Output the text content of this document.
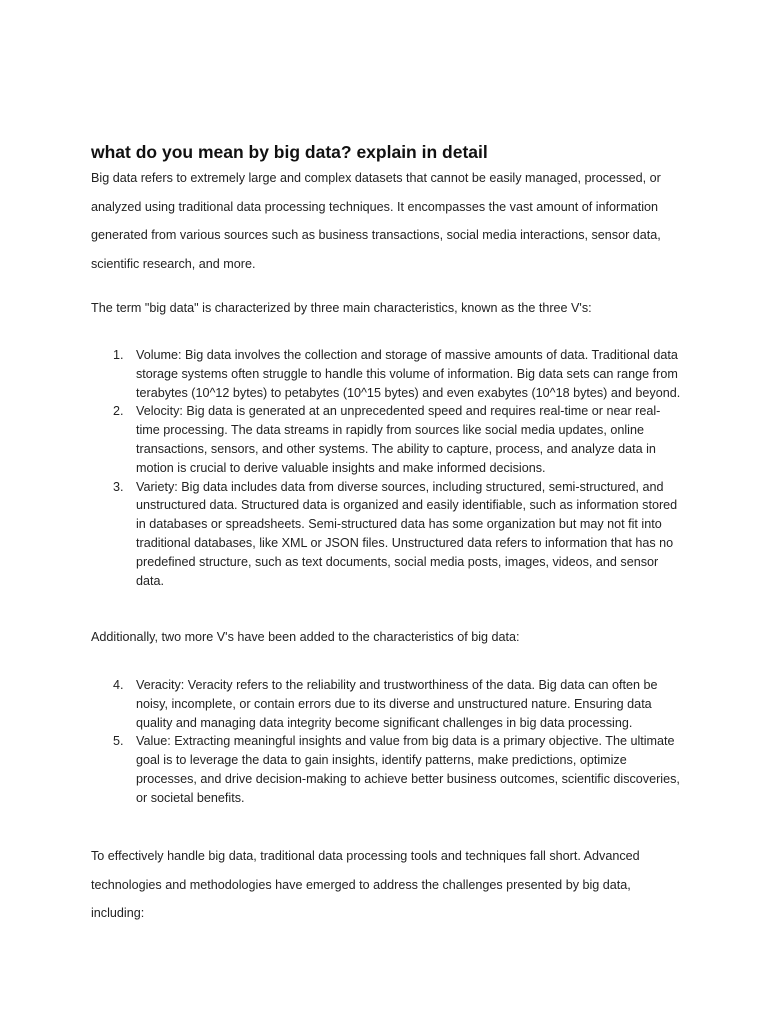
what do you mean by big data? explain in detail

Big data refers to extremely large and complex datasets that cannot be easily managed, processed, or analyzed using traditional data processing techniques. It encompasses the vast amount of information generated from various sources such as business transactions, social media interactions, sensor data, scientific research, and more.

The term "big data" is characterized by three main characteristics, known as the three V's:

1. Volume: Big data involves the collection and storage of massive amounts of data. Traditional data storage systems often struggle to handle this volume of information. Big data sets can range from terabytes (10^12 bytes) to petabytes (10^15 bytes) and even exabytes (10^18 bytes) and beyond.
2. Velocity: Big data is generated at an unprecedented speed and requires real-time or near real-time processing. The data streams in rapidly from sources like social media updates, online transactions, sensors, and other systems. The ability to capture, process, and analyze data in motion is crucial to derive valuable insights and make informed decisions.
3. Variety: Big data includes data from diverse sources, including structured, semi-structured, and unstructured data. Structured data is organized and easily identifiable, such as information stored in databases or spreadsheets. Semi-structured data has some organization but may not fit into traditional databases, like XML or JSON files. Unstructured data refers to information that has no predefined structure, such as text documents, social media posts, images, videos, and sensor data.

Additionally, two more V's have been added to the characteristics of big data:

4. Veracity: Veracity refers to the reliability and trustworthiness of the data. Big data can often be noisy, incomplete, or contain errors due to its diverse and unstructured nature. Ensuring data quality and managing data integrity become significant challenges in big data processing.
5. Value: Extracting meaningful insights and value from big data is a primary objective. The ultimate goal is to leverage the data to gain insights, identify patterns, make predictions, optimize processes, and drive decision-making to achieve better business outcomes, scientific discoveries, or societal benefits.

To effectively handle big data, traditional data processing tools and techniques fall short. Advanced technologies and methodologies have emerged to address the challenges presented by big data, including:
